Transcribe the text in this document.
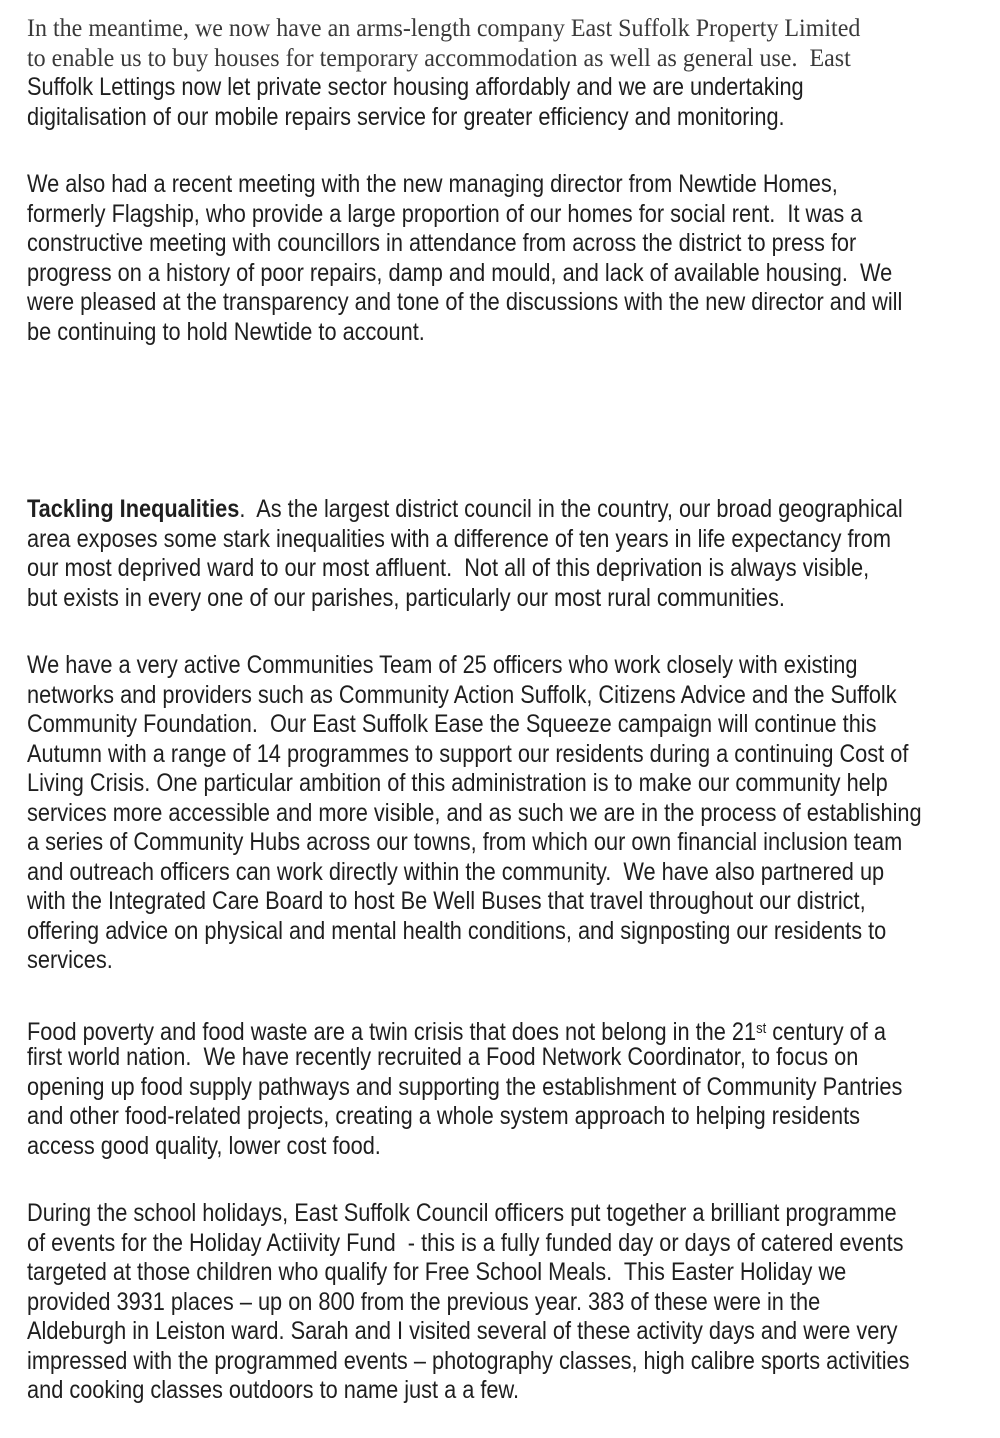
In the meantime, we now have an arms-length company East Suffolk Property Limited
to enable us to buy houses for temporary accommodation as well as general use.  East
Suffolk Lettings now let private sector housing affordably and we are undertaking
digitalisation of our mobile repairs service for greater efficiency and monitoring.
We also had a recent meeting with the new managing director from Newtide Homes,
formerly Flagship, who provide a large proportion of our homes for social rent.  It was a
constructive meeting with councillors in attendance from across the district to press for
progress on a history of poor repairs, damp and mould, and lack of available housing.  We
were pleased at the transparency and tone of the discussions with the new director and will
be continuing to hold Newtide to account.
Tackling Inequalities.  As the largest district council in the country, our broad geographical
area exposes some stark inequalities with a difference of ten years in life expectancy from
our most deprived ward to our most affluent.  Not all of this deprivation is always visible,
but exists in every one of our parishes, particularly our most rural communities.
We have a very active Communities Team of 25 officers who work closely with existing
networks and providers such as Community Action Suffolk, Citizens Advice and the Suffolk
Community Foundation.  Our East Suffolk Ease the Squeeze campaign will continue this
Autumn with a range of 14 programmes to support our residents during a continuing Cost of
Living Crisis. One particular ambition of this administration is to make our community help
services more accessible and more visible, and as such we are in the process of establishing
a series of Community Hubs across our towns, from which our own financial inclusion team
and outreach officers can work directly within the community.  We have also partnered up
with the Integrated Care Board to host Be Well Buses that travel throughout our district,
offering advice on physical and mental health conditions, and signposting our residents to
services.
Food poverty and food waste are a twin crisis that does not belong in the 21st century of a
first world nation.  We have recently recruited a Food Network Coordinator, to focus on
opening up food supply pathways and supporting the establishment of Community Pantries
and other food-related projects, creating a whole system approach to helping residents
access good quality, lower cost food.
During the school holidays, East Suffolk Council officers put together a brilliant programme
of events for the Holiday Actiivity Fund  - this is a fully funded day or days of catered events
targeted at those children who qualify for Free School Meals.  This Easter Holiday we
provided 3931 places – up on 800 from the previous year. 383 of these were in the
Aldeburgh in Leiston ward. Sarah and I visited several of these activity days and were very
impressed with the programmed events – photography classes, high calibre sports activities
and cooking classes outdoors to name just a a few.
